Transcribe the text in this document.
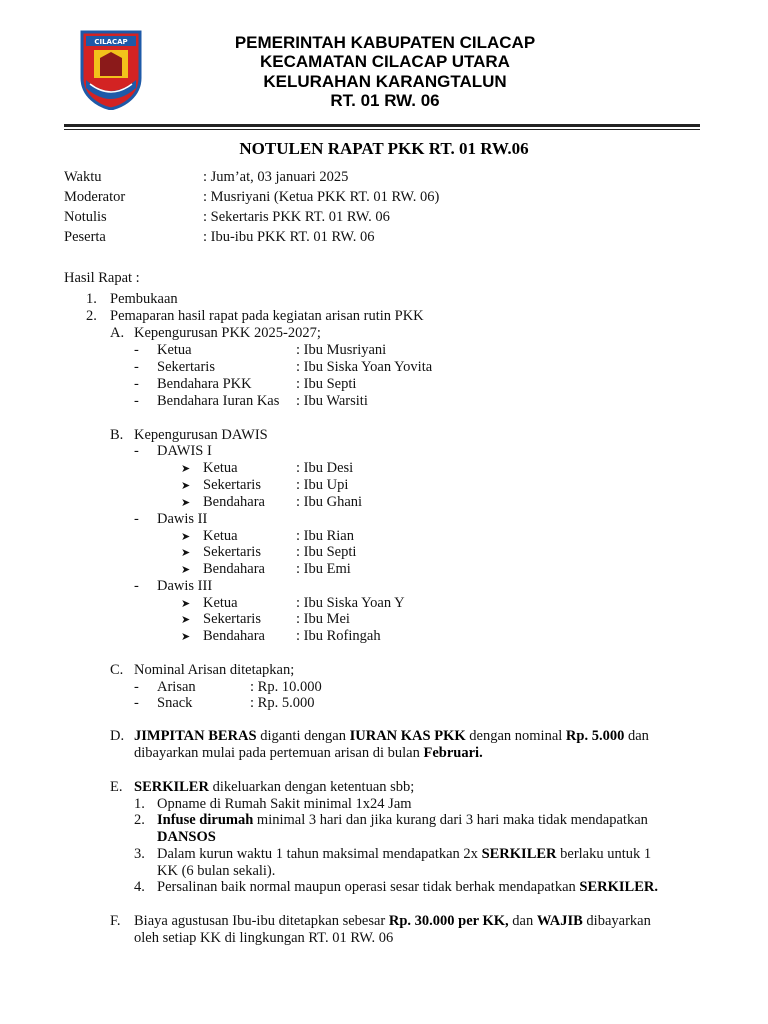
CILACAP	PEMERINTAH KABUPATEN CILACAP
KECAMATAN CILACAP UTARA
KELURAHAN KARANGTALUN
RT. 01 RW. 06
NOTULEN RAPAT PKK RT. 01 RW.06
Waktu	: Jum’at, 03 januari 2025
Moderator	: Musriyani (Ketua PKK RT. 01 RW. 06)
Notulis	: Sekertaris PKK RT. 01 RW. 06
Peserta	: Ibu-ibu PKK RT. 01 RW. 06
Hasil Rapat :
1. Pembukaan
2. Pemaparan hasil rapat pada kegiatan arisan rutin PKK
A. Kepengurusan PKK 2025-2027;
- Ketua	: Ibu Musriyani
- Sekertaris	: Ibu Siska Yoan Yovita
- Bendahara PKK	: Ibu Septi
- Bendahara Iuran Kas : Ibu Warsiti
B. Kepengurusan DAWIS
- DAWIS I
➤ Ketua	: Ibu Desi
➤ Sekertaris : Ibu Upi
➤ Bendahara : Ibu Ghani
- Dawis II
➤ Ketua	: Ibu Rian
➤ Sekertaris : Ibu Septi
➤ Bendahara : Ibu Emi
- Dawis III
➤ Ketua	: Ibu Siska Yoan Y
➤ Sekertaris : Ibu Mei
➤ Bendahara : Ibu Rofingah
C. Nominal Arisan ditetapkan;
- Arisan	: Rp. 10.000
- Snack	: Rp. 5.000
D. JIMPITAN BERAS diganti dengan IURAN KAS PKK dengan nominal Rp. 5.000 dan
dibayarkan mulai pada pertemuan arisan di bulan Februari.
E. SERKILER dikeluarkan dengan ketentuan sbb;
1. Opname di Rumah Sakit minimal 1x24 Jam
2. Infuse dirumah minimal 3 hari dan jika kurang dari 3 hari maka tidak mendapatkan
DANSOS
3. Dalam kurun waktu 1 tahun maksimal mendapatkan 2x SERKILER berlaku untuk 1
KK (6 bulan sekali).
4. Persalinan baik normal maupun operasi sesar tidak berhak mendapatkan SERKILER.
F. Biaya agustusan Ibu-ibu ditetapkan sebesar Rp. 30.000 per KK, dan WAJIB dibayarkan
oleh setiap KK di lingkungan RT. 01 RW. 06
